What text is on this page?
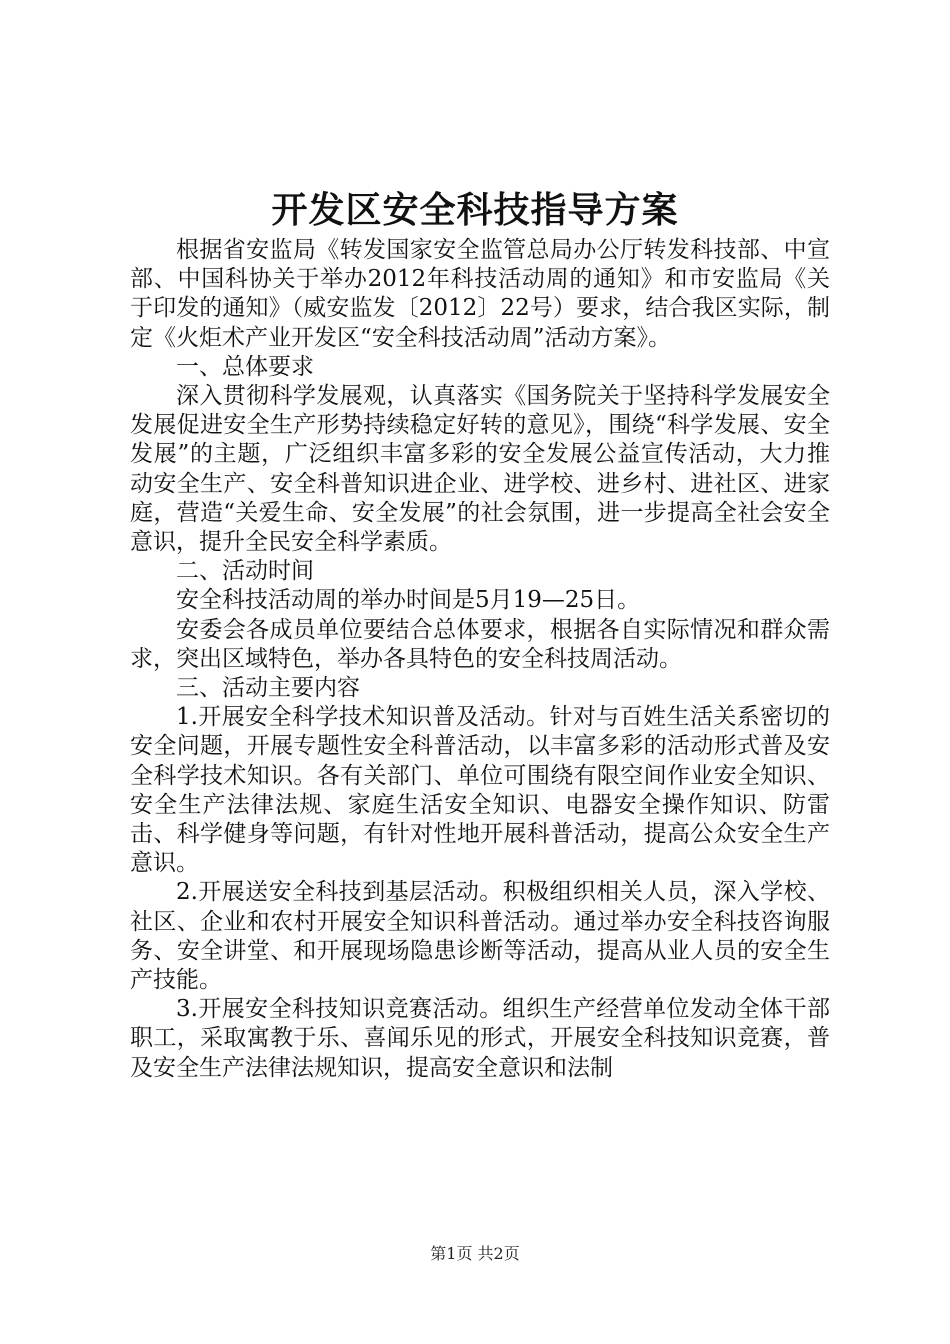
开发区安全科技指导方案

根据省安监局《转发国家安全监管总局办公厅转发科技部、中宣部、中国科协关于举办2012年科技活动周的通知》和市安监局《关于印发的通知》（威安监发〔2012〕22号）要求，结合我区实际，制定《火炬术产业开发区“安全科技活动周”活动方案》。

一、总体要求

深入贯彻科学发展观，认真落实《国务院关于坚持科学发展安全发展促进安全生产形势持续稳定好转的意见》，围绕“科学发展、安全发展”的主题，广泛组织丰富多彩的安全发展公益宣传活动，大力推动安全生产、安全科普知识进企业、进学校、进乡村、进社区、进家庭，营造“关爱生命、安全发展”的社会氛围，进一步提高全社会安全意识，提升全民安全科学素质。

二、活动时间

安全科技活动周的举办时间是5月19—25日。

安委会各成员单位要结合总体要求，根据各自实际情况和群众需求，突出区域特色，举办各具特色的安全科技周活动。

三、活动主要内容

1.开展安全科学技术知识普及活动。针对与百姓生活关系密切的安全问题，开展专题性安全科普活动，以丰富多彩的活动形式普及安全科学技术知识。各有关部门、单位可围绕有限空间作业安全知识、安全生产法律法规、家庭生活安全知识、电器安全操作知识、防雷击、科学健身等问题，有针对性地开展科普活动，提高公众安全生产意识。

2.开展送安全科技到基层活动。积极组织相关人员，深入学校、社区、企业和农村开展安全知识科普活动。通过举办安全科技咨询服务、安全讲堂、和开展现场隐患诊断等活动，提高从业人员的安全生产技能。

3.开展安全科技知识竞赛活动。组织生产经营单位发动全体干部职工，采取寓教于乐、喜闻乐见的形式，开展安全科技知识竞赛，普及安全生产法律法规知识，提高安全意识和法制

第1页 共2页
